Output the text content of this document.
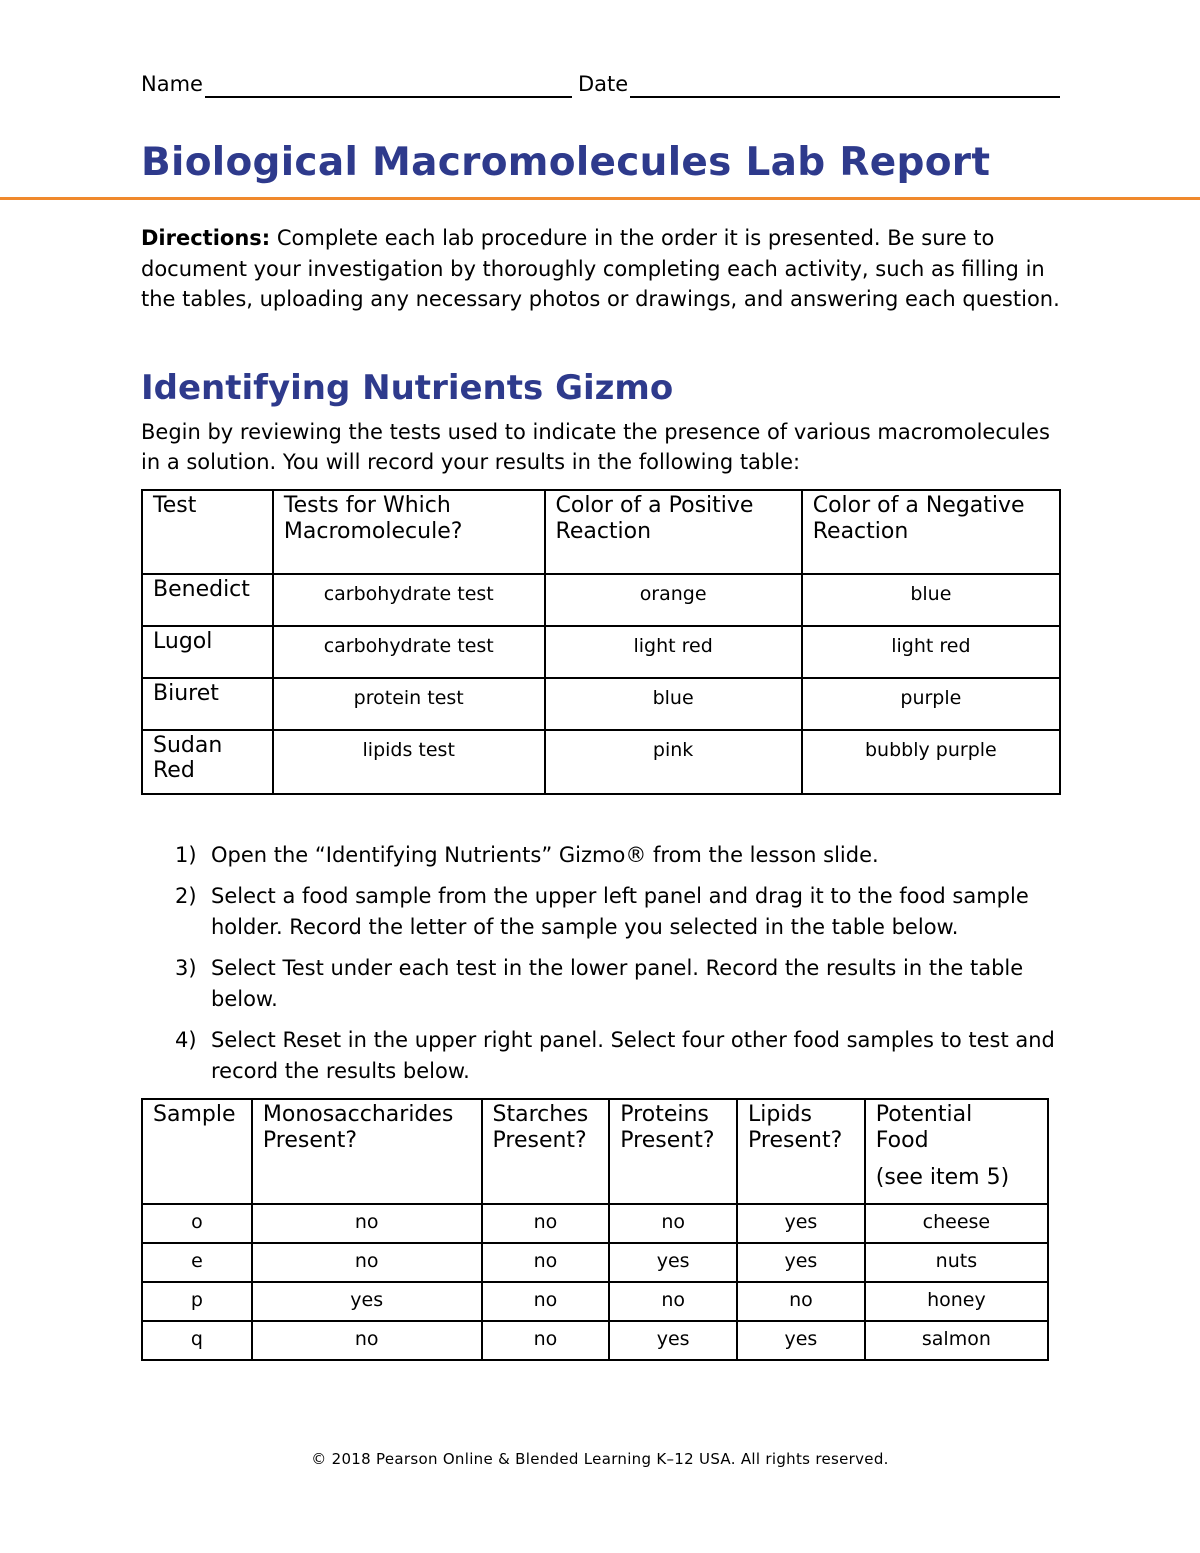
Name	Date
Biological Macromolecules Lab Report

Directions: Complete each lab procedure in the order it is presented. Be sure to document your investigation by thoroughly completing each activity, such as filling in the tables, uploading any necessary photos or drawings, and answering each question.

Identifying Nutrients Gizmo

Begin by reviewing the tests used to indicate the presence of various macromolecules in a solution. You will record your results in the following table:

Test	Tests for Which Macromolecule?	Color of a Positive Reaction	Color of a Negative Reaction
Benedict	carbohydrate test	orange	blue
Lugol	carbohydrate test	light red	light red
Biuret	protein test	blue	purple

Sudan Red	lipids test	pink	bubbly purple
1) Open the “Identifying Nutrients” Gizmo® from the lesson slide.
2) Select a food sample from the upper left panel and drag it to the food sample holder. Record the letter of the sample you selected in the table below.
3) Select Test under each test in the lower panel. Record the results in the table below.
4) Select Reset in the upper right panel. Select four other food samples to test and record the results below.
Sample	Monosaccharides Present?	Starches Present?	Proteins Present?	Lipids Present?	Potential Food
(see item 5)

o	no	no	no	yes	cheese
e	no	no	yes	yes	nuts
p	yes	no	no	no	honey
q	no	no	yes	yes	salmon
© 2018 Pearson Online & Blended Learning K–12 USA. All rights reserved.
